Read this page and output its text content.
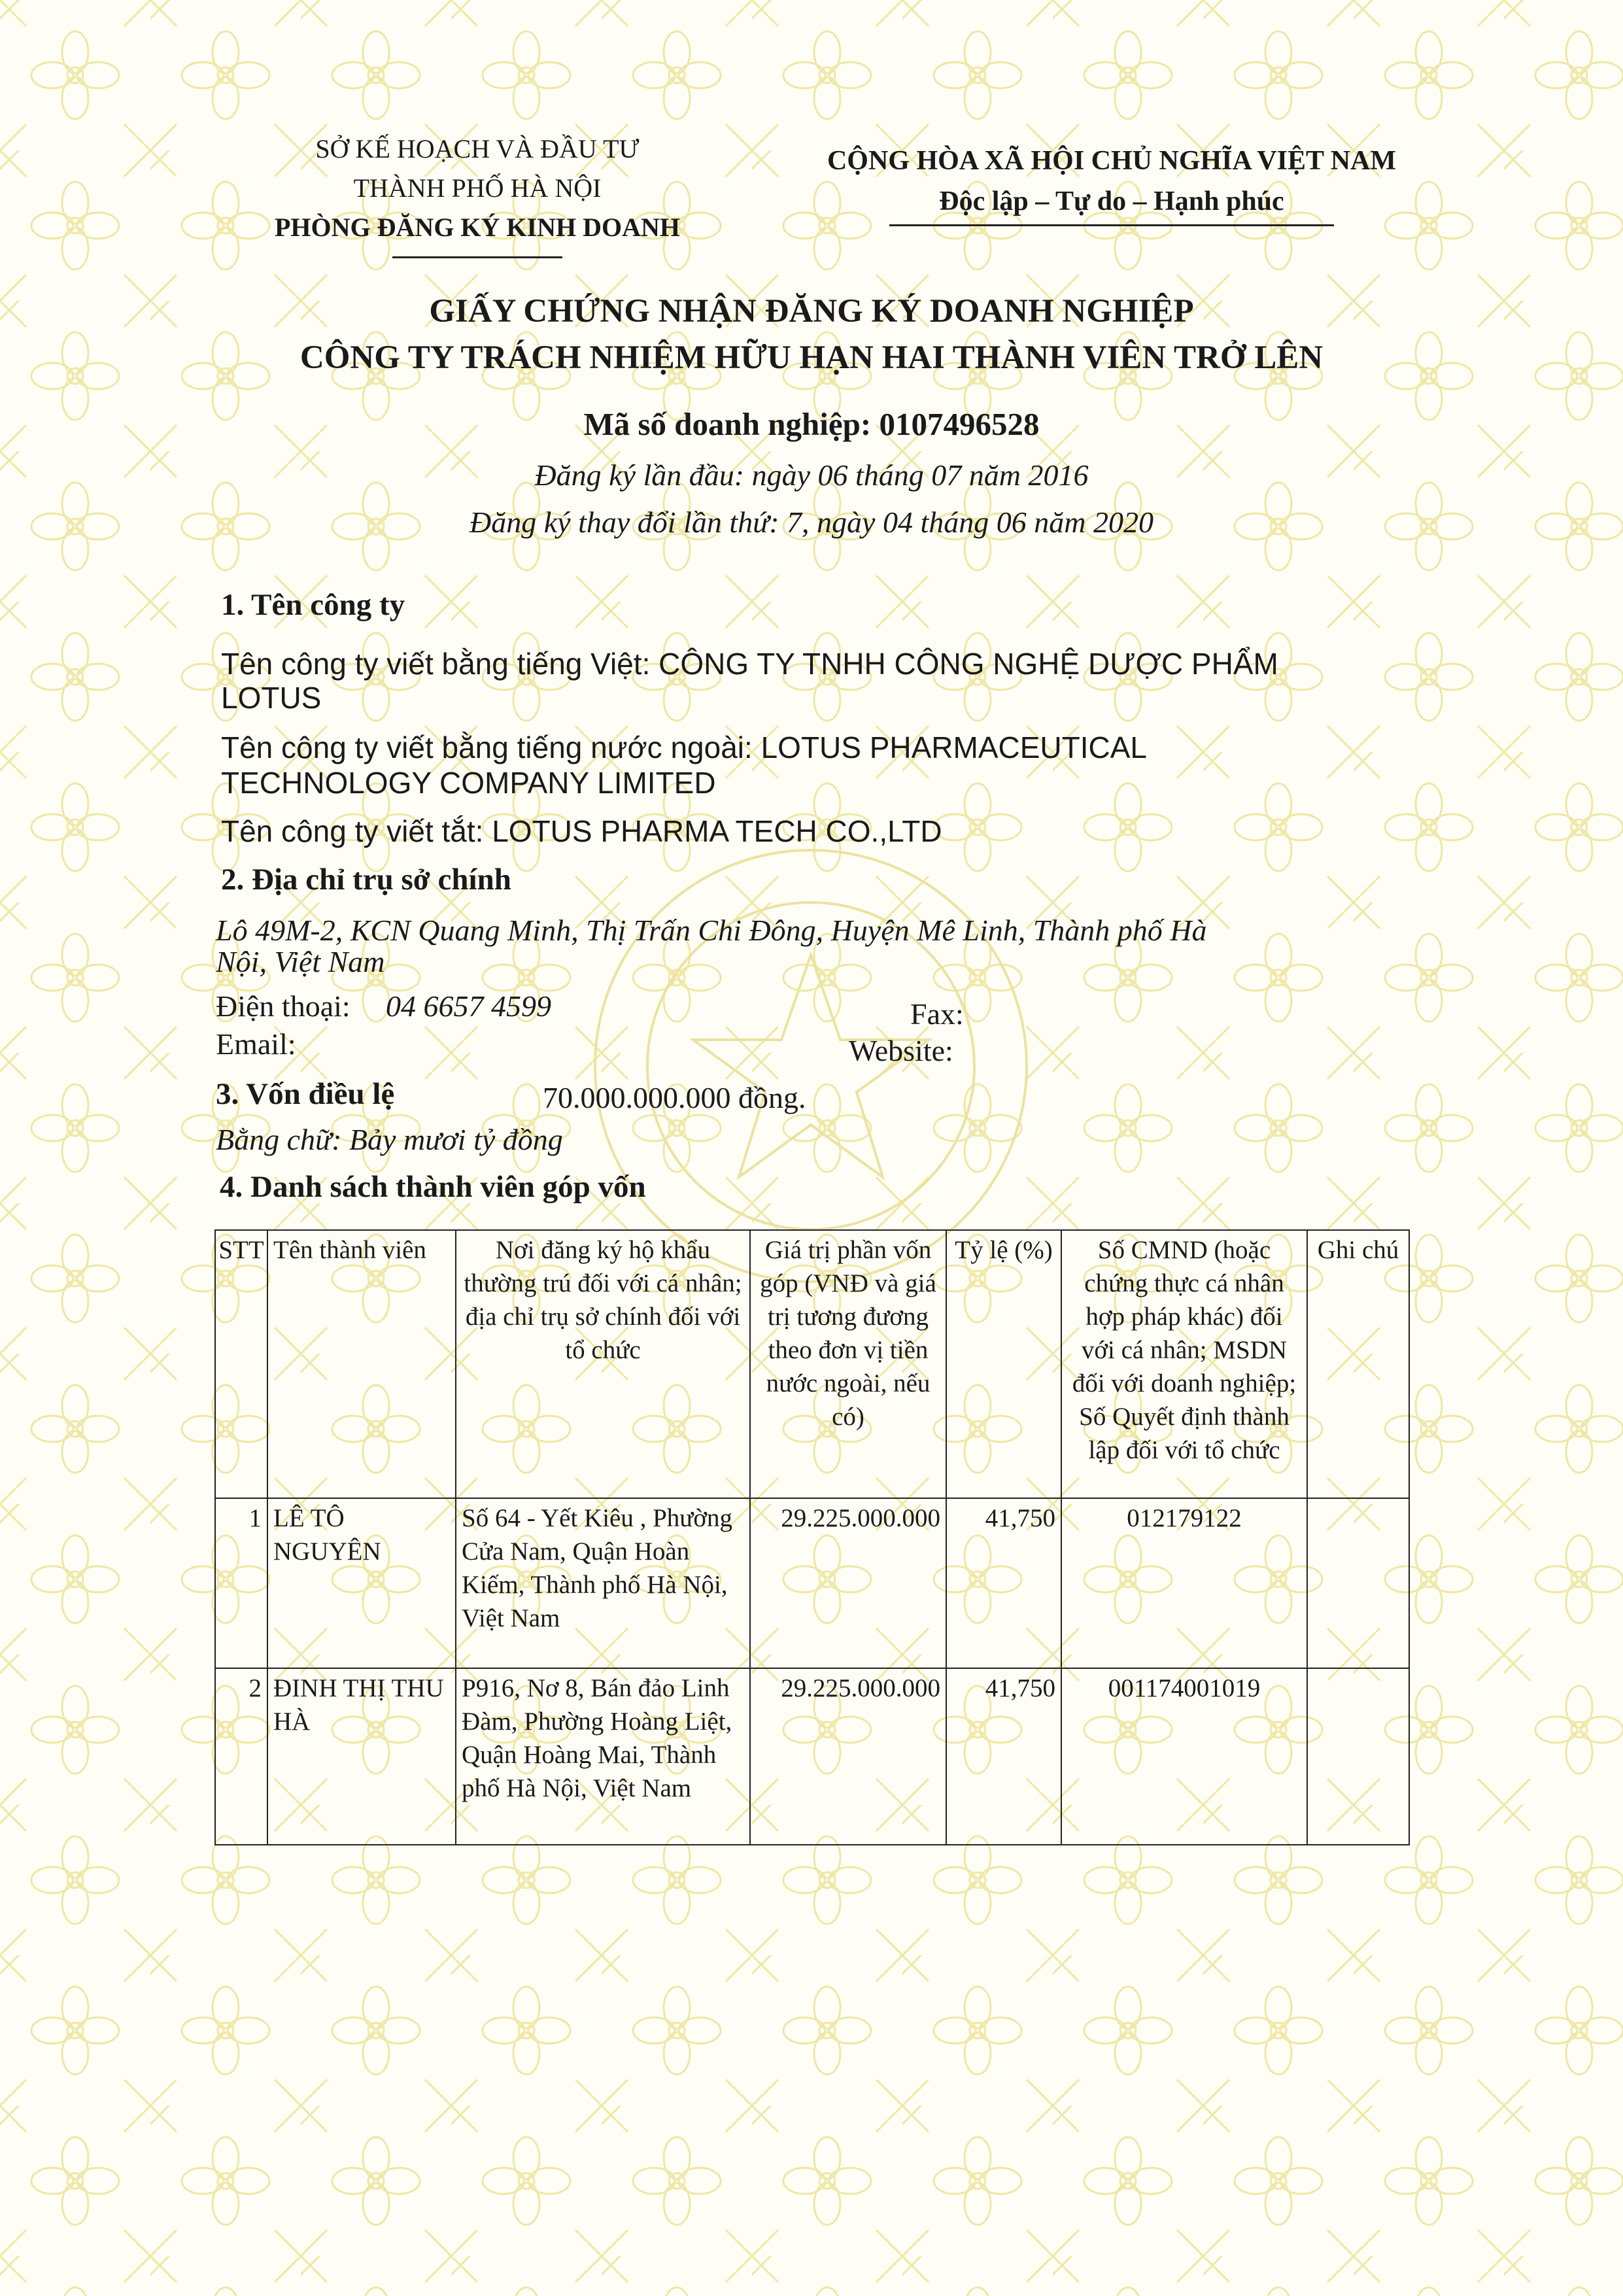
SỞ KẾ HOẠCH VÀ ĐẦU TƯ
THÀNH PHỐ HÀ NỘI
PHÒNG ĐĂNG KÝ KINH DOANH
CỘNG HÒA XÃ HỘI CHỦ NGHĨA VIỆT NAM
Độc lập – Tự do – Hạnh phúc
GIẤY CHỨNG NHẬN ĐĂNG KÝ DOANH NGHIỆP
CÔNG TY TRÁCH NHIỆM HỮU HẠN HAI THÀNH VIÊN TRỞ LÊN
Mã số doanh nghiệp: 0107496528
Đăng ký lần đầu: ngày 06 tháng 07 năm 2016
Đăng ký thay đổi lần thứ: 7, ngày 04 tháng 06 năm 2020
1. Tên công ty
Tên công ty viết bằng tiếng Việt: CÔNG TY TNHH CÔNG NGHỆ DƯỢC PHẨM
LOTUS
Tên công ty viết bằng tiếng nước ngoài: LOTUS PHARMACEUTICAL
TECHNOLOGY COMPANY LIMITED
Tên công ty viết tắt: LOTUS PHARMA TECH CO.,LTD
2. Địa chỉ trụ sở chính
Lô 49M-2, KCN Quang Minh, Thị Trấn Chi Đông, Huyện Mê Linh, Thành phố Hà
Nội, Việt Nam
Điện thoại: 04 6657 4599	Fax:
Email:	Website:
3. Vốn điều lệ	70.000.000.000 đồng.
Bằng chữ: Bảy mươi tỷ đồng
4. Danh sách thành viên góp vốn
STT	Tên thành viên	Nơi đăng ký hộ khẩu thường trú đối với cá nhân; địa chỉ trụ sở chính đối với tổ chức	Giá trị phần vốn góp (VNĐ và giá trị tương đương theo đơn vị tiền nước ngoài, nếu có)	Tỷ lệ (%)	Số CMND (hoặc chứng thực cá nhân hợp pháp khác) đối với cá nhân; MSDN đối với doanh nghiệp; Số Quyết định thành lập đối với tổ chức	Ghi chú
1	LÊ TÔ NGUYÊN	Số 64 - Yết Kiêu , Phường Cửa Nam, Quận Hoàn Kiếm, Thành phố Hà Nội, Việt Nam	29.225.000.000	41,750	012179122	
2	ĐINH THỊ THU HÀ	P916, Nơ 8, Bán đảo Linh Đàm, Phường Hoàng Liệt, Quận Hoàng Mai, Thành phố Hà Nội, Việt Nam	29.225.000.000	41,750	001174001019	
